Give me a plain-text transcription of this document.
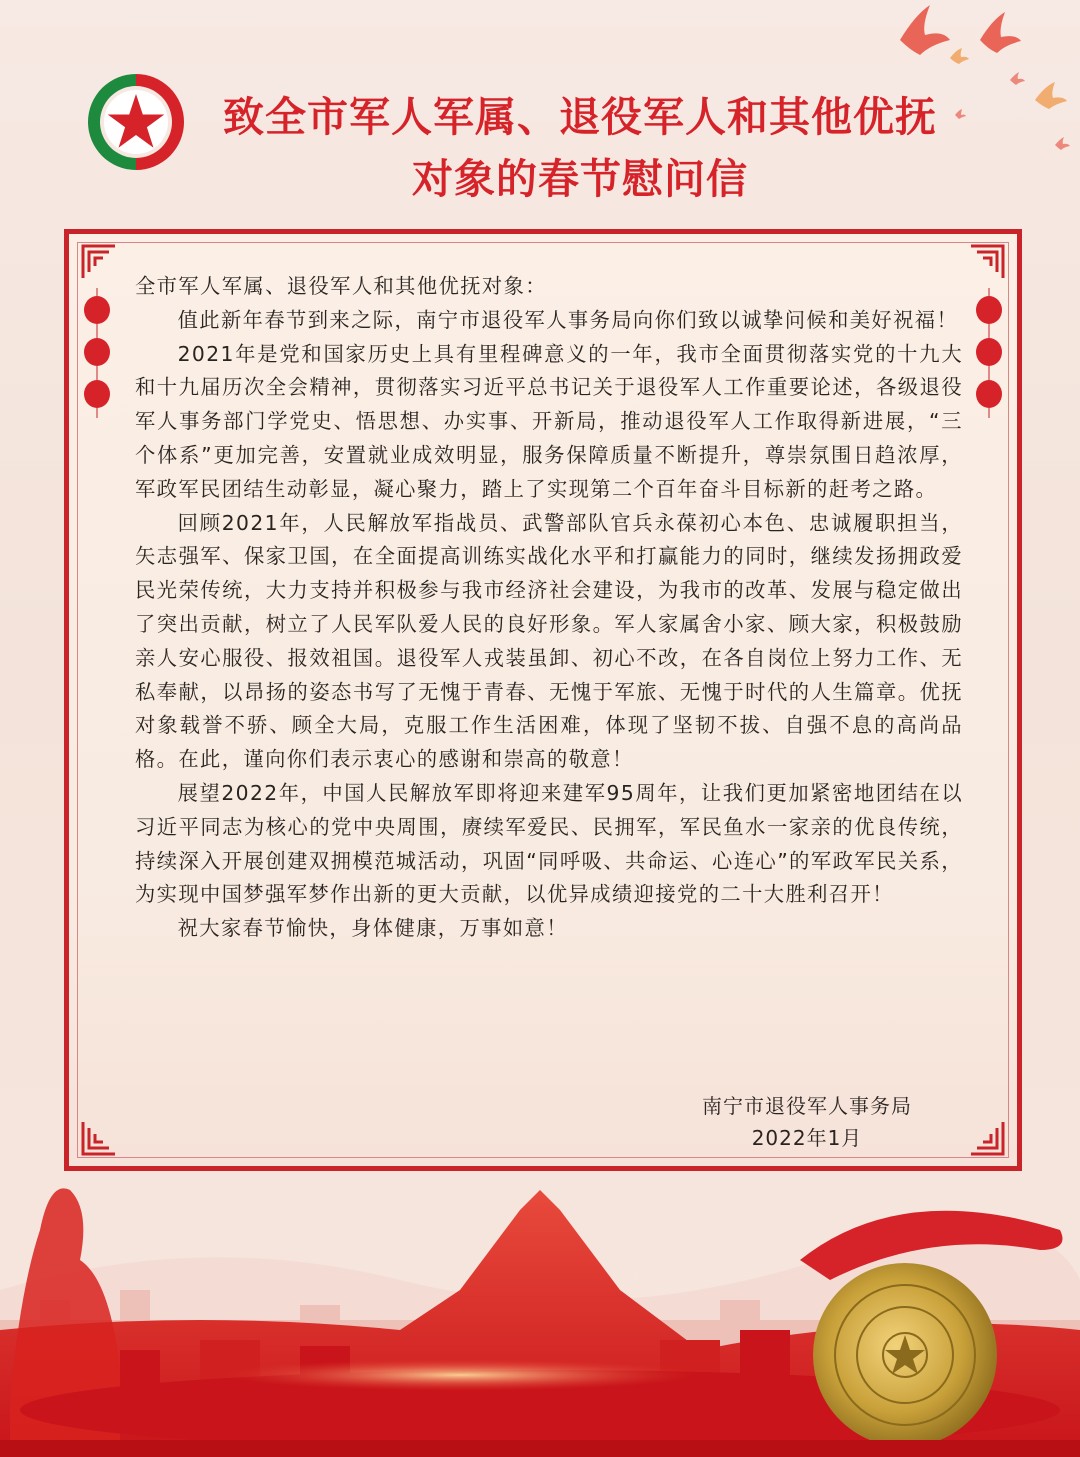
致全市军人军属、退役军人和其他优抚
对象的春节慰问信

全市军人军属、退役军人和其他优抚对象：

值此新年春节到来之际，南宁市退役军人事务局向你们致以诚挚问候和美好祝福！

2021年是党和国家历史上具有里程碑意义的一年，我市全面贯彻落实党的十九大和十九届历次全会精神，贯彻落实习近平总书记关于退役军人工作重要论述，各级退役军人事务部门学党史、悟思想、办实事、开新局，推动退役军人工作取得新进展，“三个体系”更加完善，安置就业成效明显，服务保障质量不断提升，尊崇氛围日趋浓厚，军政军民团结生动彰显，凝心聚力，踏上了实现第二个百年奋斗目标新的赶考之路。

回顾2021年，人民解放军指战员、武警部队官兵永葆初心本色、忠诚履职担当，矢志强军、保家卫国，在全面提高训练实战化水平和打赢能力的同时，继续发扬拥政爱民光荣传统，大力支持并积极参与我市经济社会建设，为我市的改革、发展与稳定做出了突出贡献，树立了人民军队爱人民的良好形象。军人家属舍小家、顾大家，积极鼓励亲人安心服役、报效祖国。退役军人戎装虽卸、初心不改，在各自岗位上努力工作、无私奉献，以昂扬的姿态书写了无愧于青春、无愧于军旅、无愧于时代的人生篇章。优抚对象载誉不骄、顾全大局，克服工作生活困难，体现了坚韧不拔、自强不息的高尚品格。在此，谨向你们表示衷心的感谢和崇高的敬意！

展望2022年，中国人民解放军即将迎来建军95周年，让我们更加紧密地团结在以习近平同志为核心的党中央周围，赓续军爱民、民拥军，军民鱼水一家亲的优良传统，持续深入开展创建双拥模范城活动，巩固“同呼吸、共命运、心连心”的军政军民关系，为实现中国梦强军梦作出新的更大贡献，以优异成绩迎接党的二十大胜利召开！

祝大家春节愉快，身体健康，万事如意！

南宁市退役军人事务局
2022年1月
